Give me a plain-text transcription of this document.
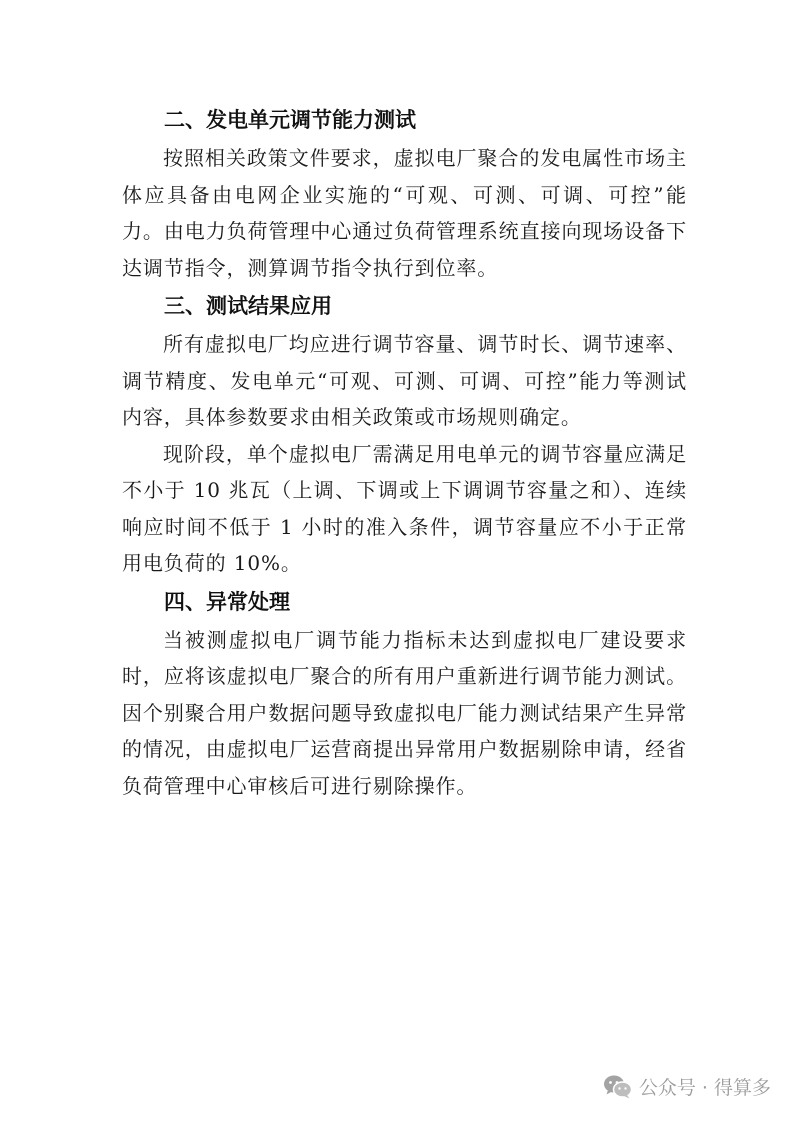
二、发电单元调节能力测试

按照相关政策文件要求，虚拟电厂聚合的发电属性市场主体应具备由电网企业实施的“可观、可测、可调、可控”能力。由电力负荷管理中心通过负荷管理系统直接向现场设备下达调节指令，测算调节指令执行到位率。

三、测试结果应用

所有虚拟电厂均应进行调节容量、调节时长、调节速率、调节精度、发电单元“可观、可测、可调、可控”能力等测试内容，具体参数要求由相关政策或市场规则确定。

现阶段，单个虚拟电厂需满足用电单元的调节容量应满足不小于 10 兆瓦（上调、下调或上下调调节容量之和）、连续响应时间不低于 1 小时的准入条件，调节容量应不小于正常用电负荷的 10%。

四、异常处理

当被测虚拟电厂调节能力指标未达到虚拟电厂建设要求时，应将该虚拟电厂聚合的所有用户重新进行调节能力测试。因个别聚合用户数据问题导致虚拟电厂能力测试结果产生异常的情况，由虚拟电厂运营商提出异常用户数据剔除申请，经省负荷管理中心审核后可进行剔除操作。

公众号 · 得算多
